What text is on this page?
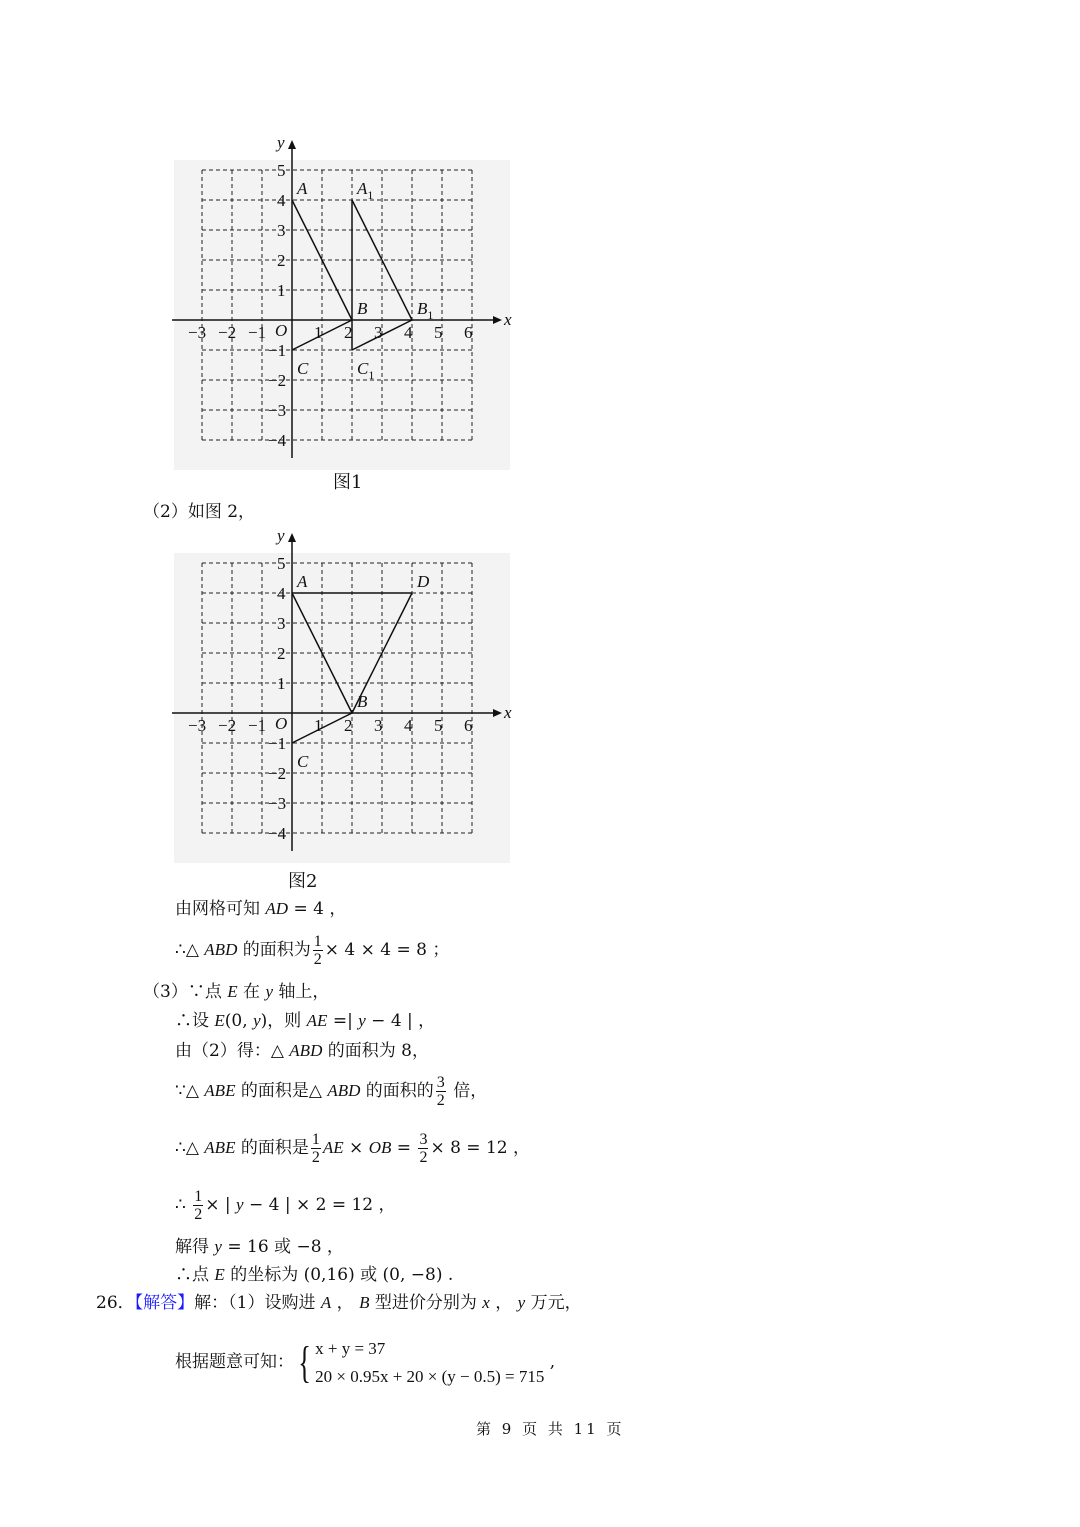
x
y
O
−3 −2 −1	1 2 3 4 5 6
5
4
3
2
1
−1
−2
−3
−4
A
B
C
$A_1$
$B_1$
$C_1$
图1
（2）如图 2，
x
y
O
−3 −2 −1	1 2 3 4 5 6
5
4
3
2
1
−1
−2
−3
−4
A
B
C
D
图2
由网格可知 AD = 4 ，
∴△ ABD 的面积为 $\frac{1}{2} \times 4 \times 4 = 8$ ；
（3）∵点 E 在 y 轴上，
∴设 E(0, y)，则 AE =| y − 4 | ，
由（2）得：△ ABD 的面积为 8，
∵△ ABE 的面积是△ ABD 的面积的 $\frac{3}{2}$ 倍，
∴△ ABE 的面积是 $\frac{1}{2}$ AE × OB = $\frac{3}{2} \times 8 = 12$ ，
∴ $\frac{1}{2}$ × | y − 4 | × 2 = 12 ，
解得 y = 16 或 −8 ，
∴点 E 的坐标为 (0,16) 或 (0, −8) .
26．【解答】解：（1）设购进 A ， B 型进价分别为 x ， y 万元，
根据题意可知：{ x + y = 37
20 × 0.95x + 20 × (y − 0.5) = 715
,
第 9 页 共 11 页
